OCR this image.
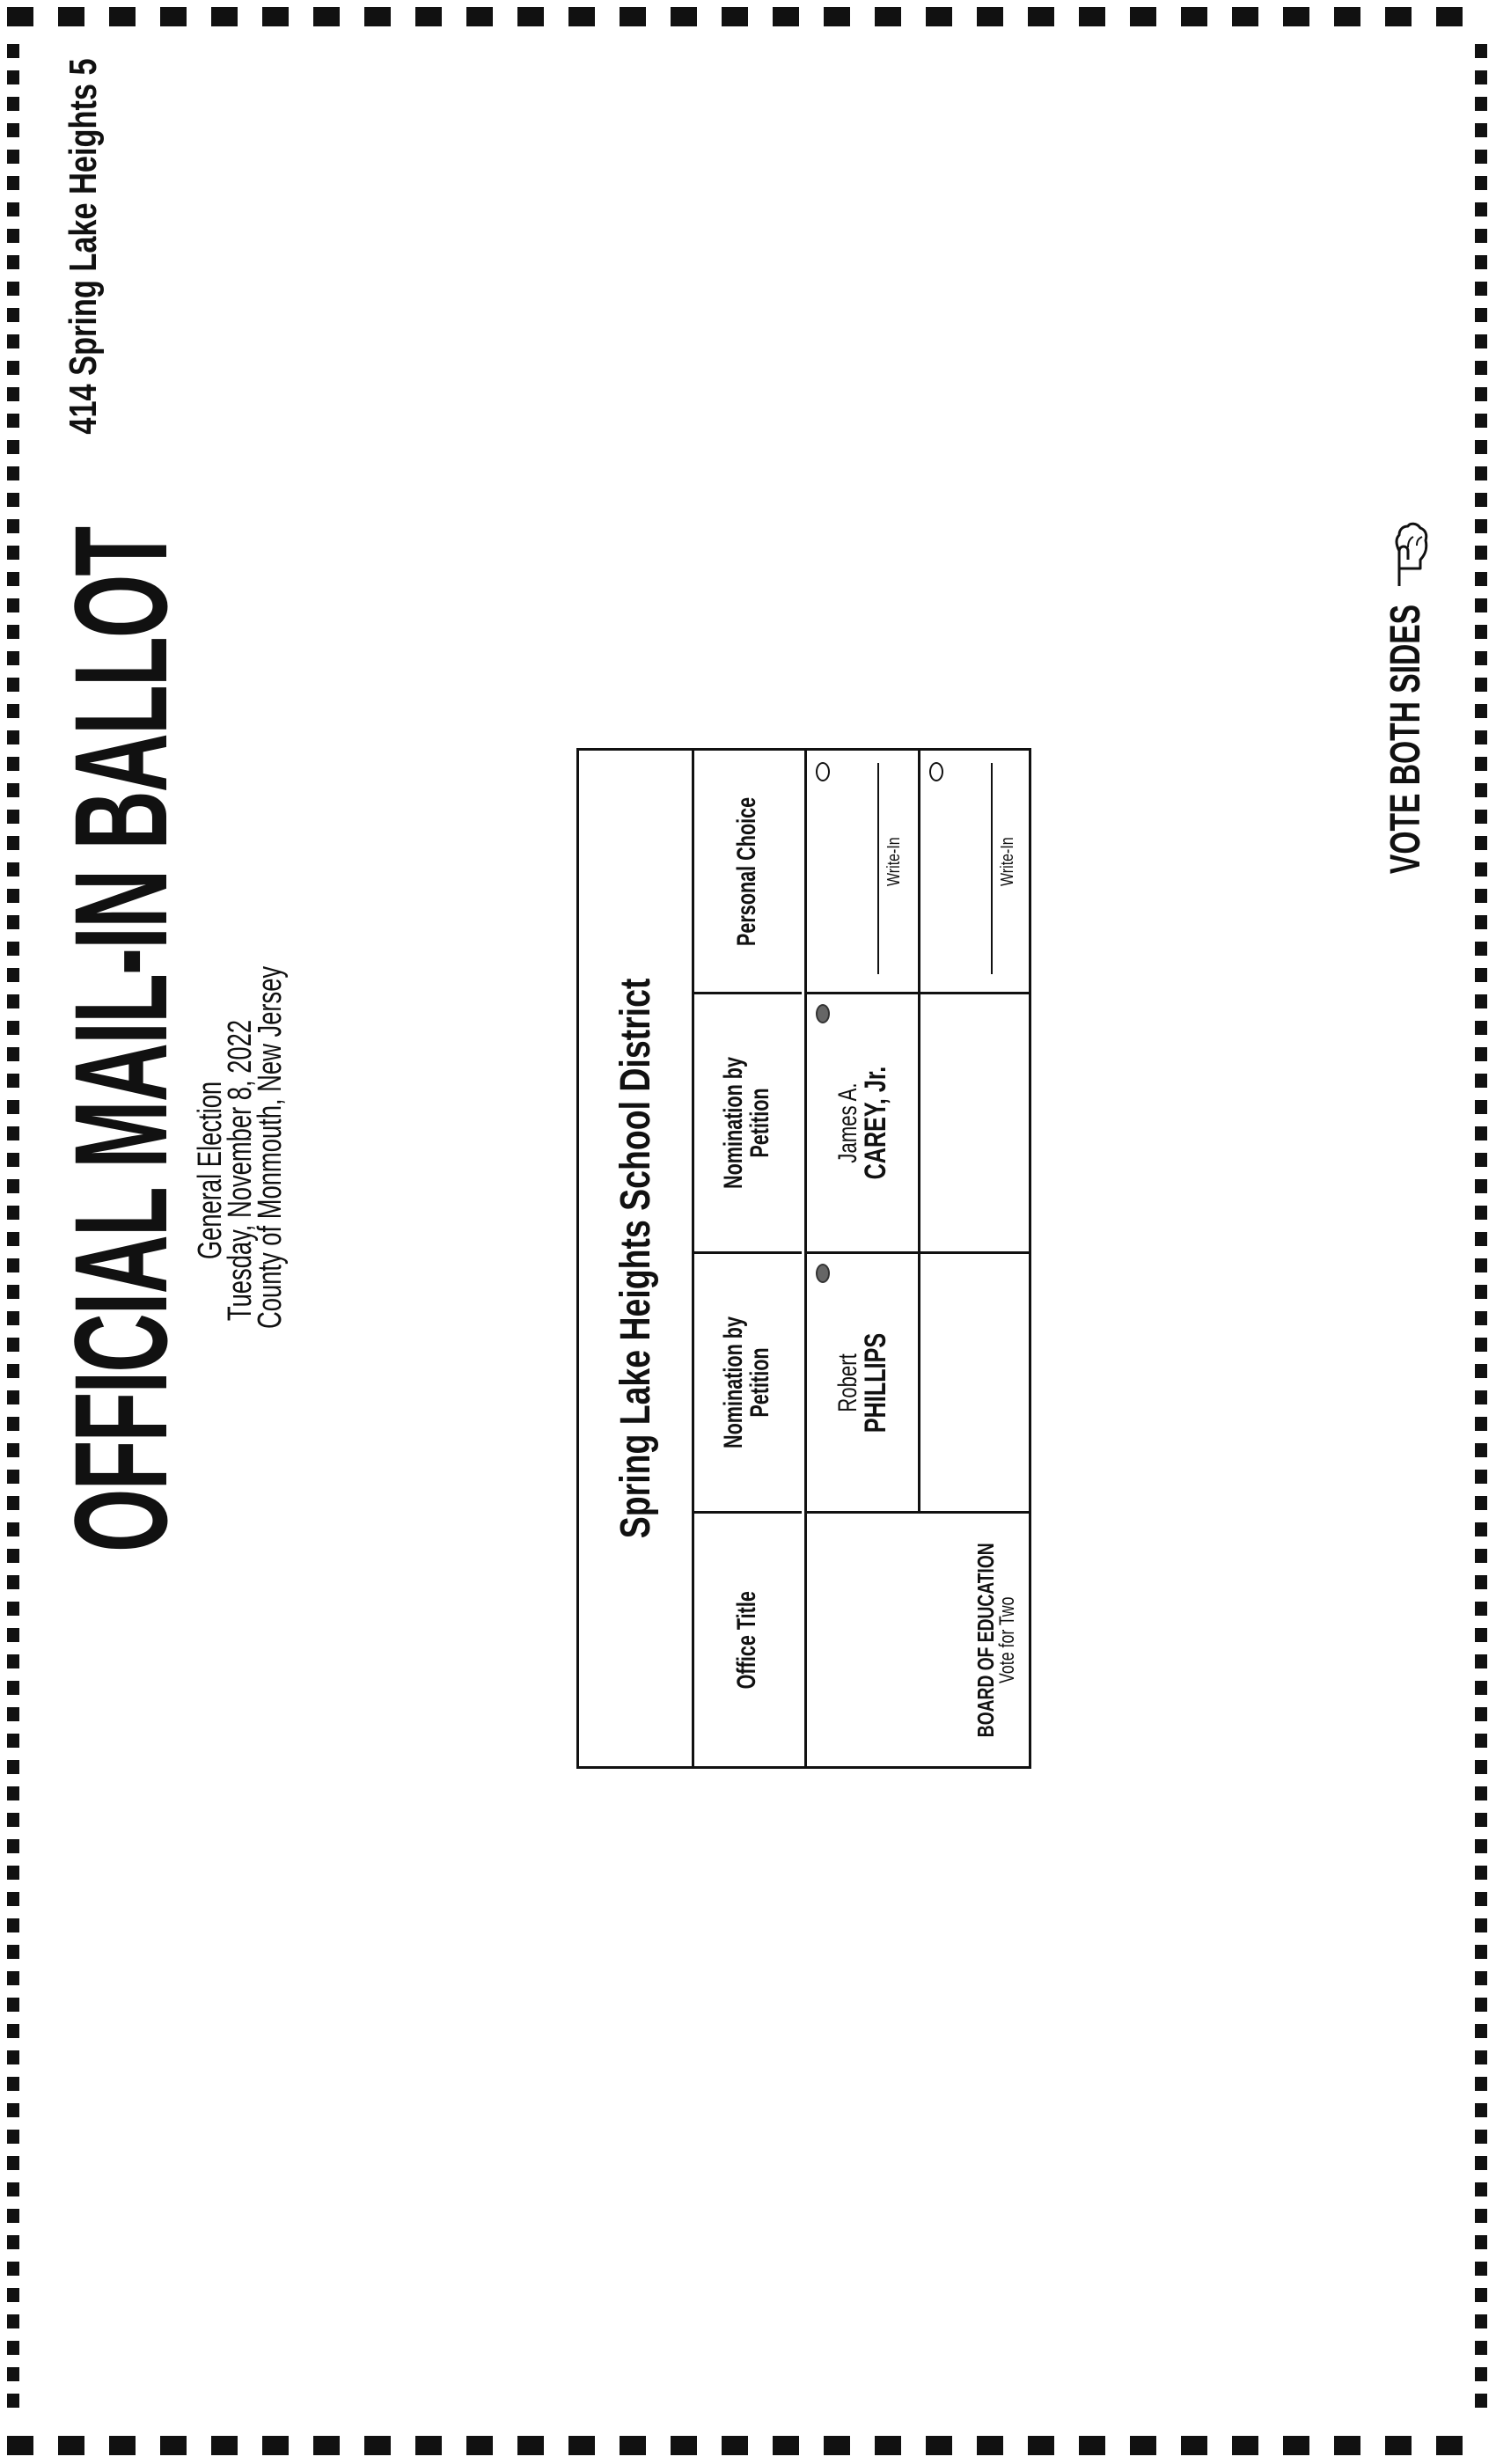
OFFICIAL MAIL-IN BALLOT
General Election
Tuesday, November 8, 2022
County of Monmouth, New Jersey
414 Spring Lake Heights 5
VOTE BOTH SIDES
Spring Lake Heights School District
Office Title
Nomination by Petition
Nomination by Petition
Personal Choice
BOARD OF EDUCATION
Vote for Two
Robert
PHILLIPS
James A.
CAREY, Jr.
Write-In	Write-In
